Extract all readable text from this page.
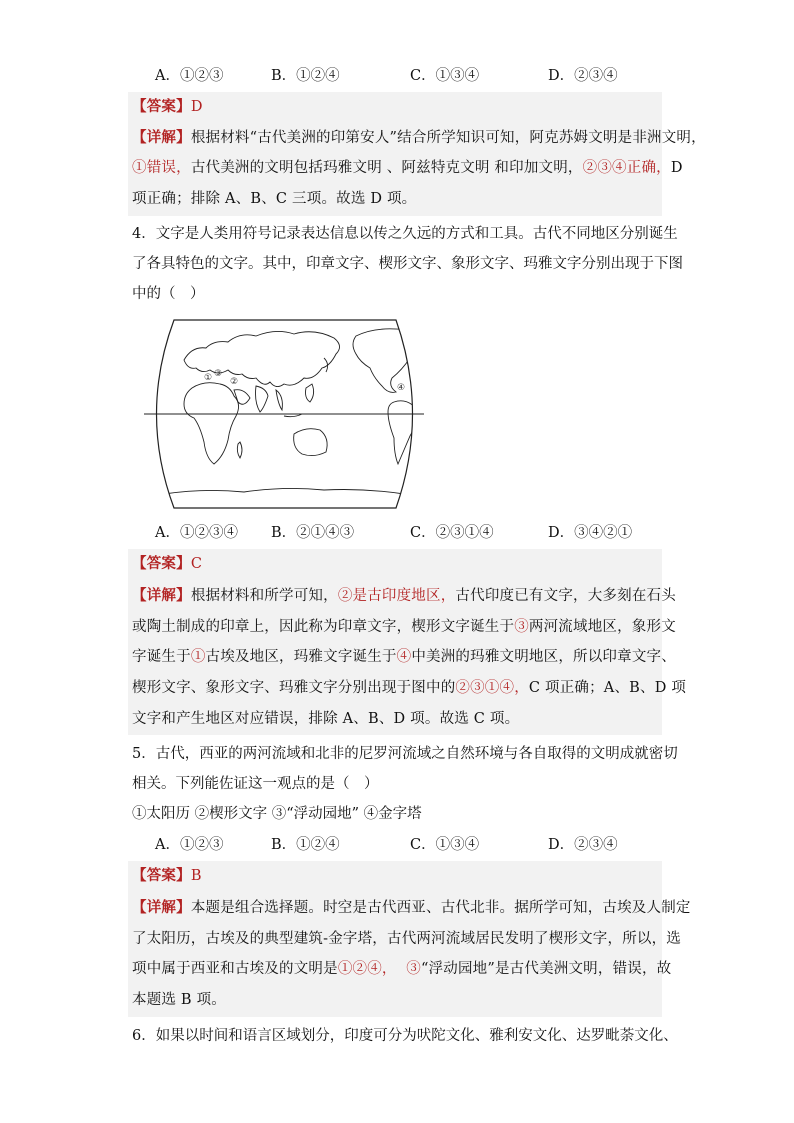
A．①②③	B．①②④	C．①③④	D．②③④
【答案】D
【详解】根据材料“古代美洲的印第安人”结合所学知识可知，阿克苏姆文明是非洲文明，
①错误，古代美洲的文明包括玛雅文明 、阿兹特克文明 和印加文明，②③④正确，D
项正确；排除 A、B、C 三项。故选 D 项。
4．文字是人类用符号记录表达信息以传之久远的方式和工具。古代不同地区分别诞生
了各具特色的文字。其中，印章文字、楔形文字、象形文字、玛雅文字分别出现于下图
中的（　）
① ②
③
④
A．①②③④ B．②①④③	C．②③①④	D．③④②①
【答案】C
【详解】根据材料和所学可知，②是古印度地区，古代印度已有文字，大多刻在石头
或陶土制成的印章上，因此称为印章文字，楔形文字诞生于③两河流域地区，象形文
字诞生于①古埃及地区，玛雅文字诞生于④中美洲的玛雅文明地区，所以印章文字、
楔形文字、象形文字、玛雅文字分别出现于图中的②③①④，C 项正确；A、B、D 项
文字和产生地区对应错误，排除 A、B、D 项。故选 C 项。
5．古代，西亚的两河流域和北非的尼罗河流域之自然环境与各自取得的文明成就密切
相关。下列能佐证这一观点的是（　）
①太阳历 ②楔形文字 ③“浮动园地” ④金字塔
A．①②③	B．①②④	C．①③④	D．②③④
【答案】B
【详解】本题是组合选择题。时空是古代西亚、古代北非。据所学可知，古埃及人制定
了太阳历，古埃及的典型建筑-金字塔，古代两河流域居民发明了楔形文字，所以，选
项中属于西亚和古埃及的文明是①②④， ③“浮动园地”是古代美洲文明，错误，故
本题选 B 项。
6．如果以时间和语言区域划分，印度可分为吠陀文化、雅利安文化、达罗毗荼文化、
